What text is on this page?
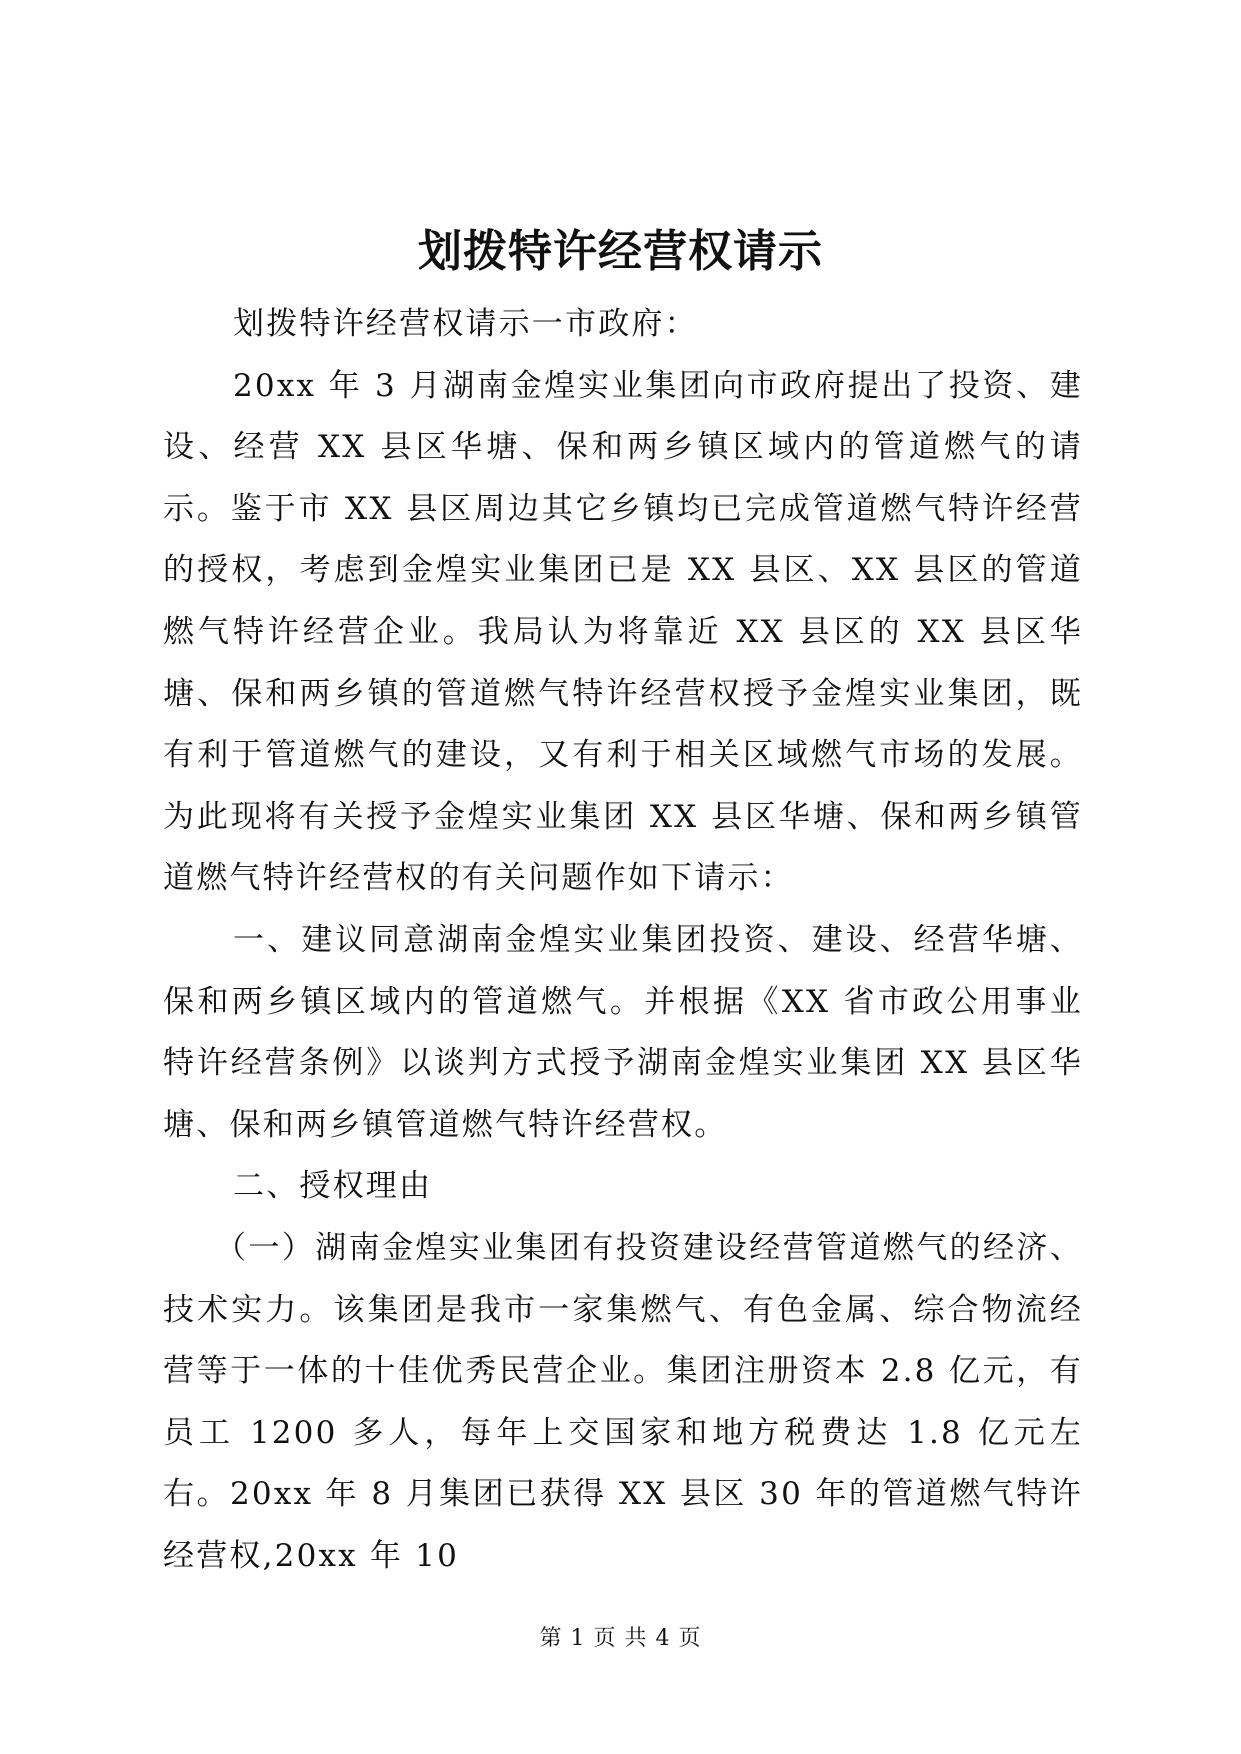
划拨特许经营权请示

划拨特许经营权请示一市政府：

20xx 年 3 月湖南金煌实业集团向市政府提出了投资、建设、经营 XX 县区华塘、保和两乡镇区域内的管道燃气的请示。鉴于市 XX 县区周边其它乡镇均已完成管道燃气特许经营的授权，考虑到金煌实业集团已是 XX 县区、XX 县区的管道燃气特许经营企业。我局认为将靠近 XX 县区的 XX 县区华塘、保和两乡镇的管道燃气特许经营权授予金煌实业集团，既有利于管道燃气的建设，又有利于相关区域燃气市场的发展。为此现将有关授予金煌实业集团 XX 县区华塘、保和两乡镇管道燃气特许经营权的有关问题作如下请示：

一、建议同意湖南金煌实业集团投资、建设、经营华塘、保和两乡镇区域内的管道燃气。并根据《XX 省市政公用事业特许经营条例》以谈判方式授予湖南金煌实业集团 XX 县区华塘、保和两乡镇管道燃气特许经营权。

二、授权理由

（一）湖南金煌实业集团有投资建设经营管道燃气的经济、技术实力。该集团是我市一家集燃气、有色金属、综合物流经营等于一体的十佳优秀民营企业。集团注册资本 2.8 亿元，有员工 1200 多人，每年上交国家和地方税费达 1.8 亿元左右。20xx 年 8 月集团已获得 XX 县区 30 年的管道燃气特许经营权,20xx 年 10

第 1 页 共 4 页
